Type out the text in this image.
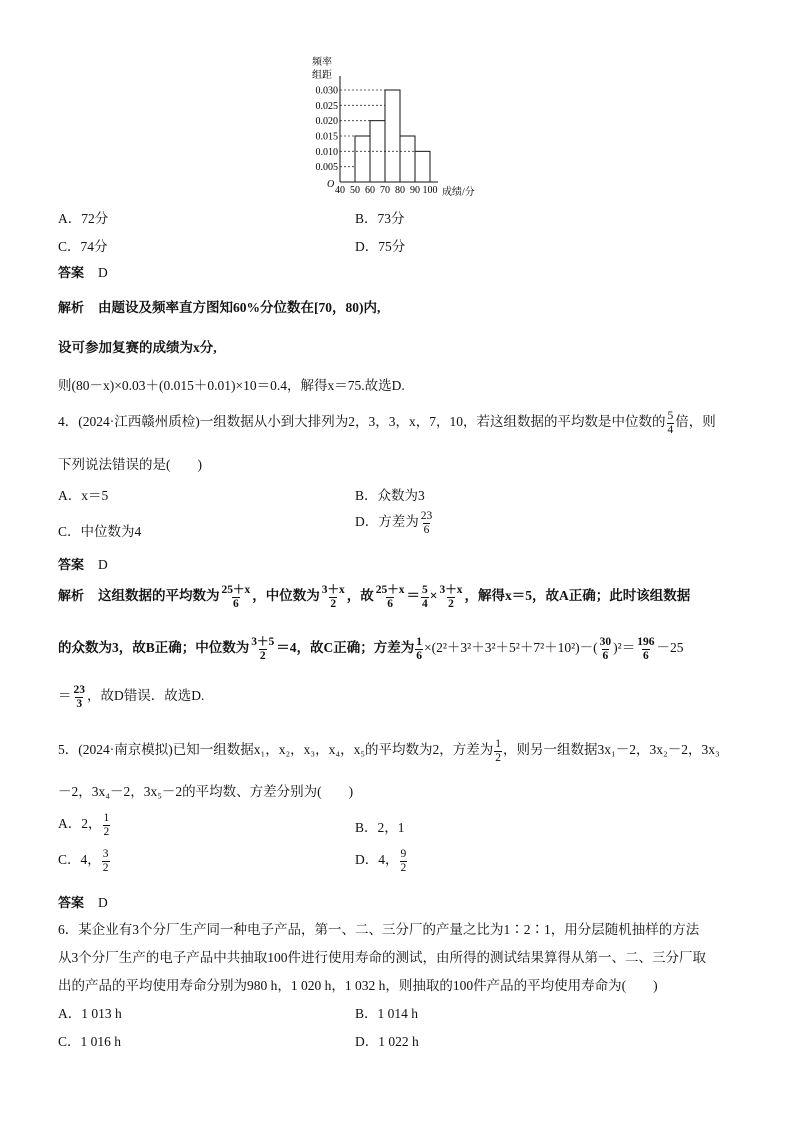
频率
组距
O
成绩/分
0.005
0.010
0.015
0.020
0.025
0.030
40 50 60 70 80 90 100
A．72分	B．73分
C．74分	D．75分
答案 D
解析 由题设及频率直方图知60%分位数在[70，80)内,
设可参加复赛的成绩为x分,
则(80－x)×0.03＋(0.015＋0.01)×10＝0.4，解得x＝75.故选D.
4．(2024·江西赣州质检)一组数据从小到大排列为2，3，3，x，7，10，若这组数据的平均数是中位数的 $\frac{5}{4}$ 倍，则
下列说法错误的是(　　)
A．x＝5	B．众数为3
C．中位数为4
D．方差为 $\frac{23}{6}$
答案 D
解析 这组数据的平均数为 $\frac{25+x}{6}$ ，中位数为 $\frac{3+x}{2}$ ，故 $\frac{25+x}{6} = \frac{5}{4} \times \frac{3+x}{2}$ ，解得x＝5，故A正确；此时该组数据
的众数为3，故B正确；中位数为 $\frac{3+5}{2} =4$，故C正确；方差为 $\frac{1}{6} \times(2^2+3^2+3^2+5^2+7^2+10^2)-( \frac{30}{6} )^2= \frac{196}{6} -25$
＝ $\frac{23}{3}$ ，故D错误．故选D.
5．(2024·南京模拟)已知一组数据x₁，x₂，x₃，x₄，x₅的平均数为2，方差为 $\frac{1}{2}$ ，则另一组数据3x₁－2，3x₂－2，3x₃
－2，3x₄－2，3x₅－2的平均数、方差分别为(　　)
A．2， $\frac{1}{2}$	B．2，1
C．4， $\frac{3}{2}$	D．4， $\frac{9}{2}$
答案 D
6．某企业有3个分厂生产同一种电子产品，第一、二、三分厂的产量之比为1∶2∶1，用分层随机抽样的方法
从3个分厂生产的电子产品中共抽取100件进行使用寿命的测试，由所得的测试结果算得从第一、二、三分厂取
出的产品的平均使用寿命分别为980 h，1 020 h，1 032 h，则抽取的100件产品的平均使用寿命为(　　)
A．1 013 h	B．1 014 h
C．1 016 h	D．1 022 h
